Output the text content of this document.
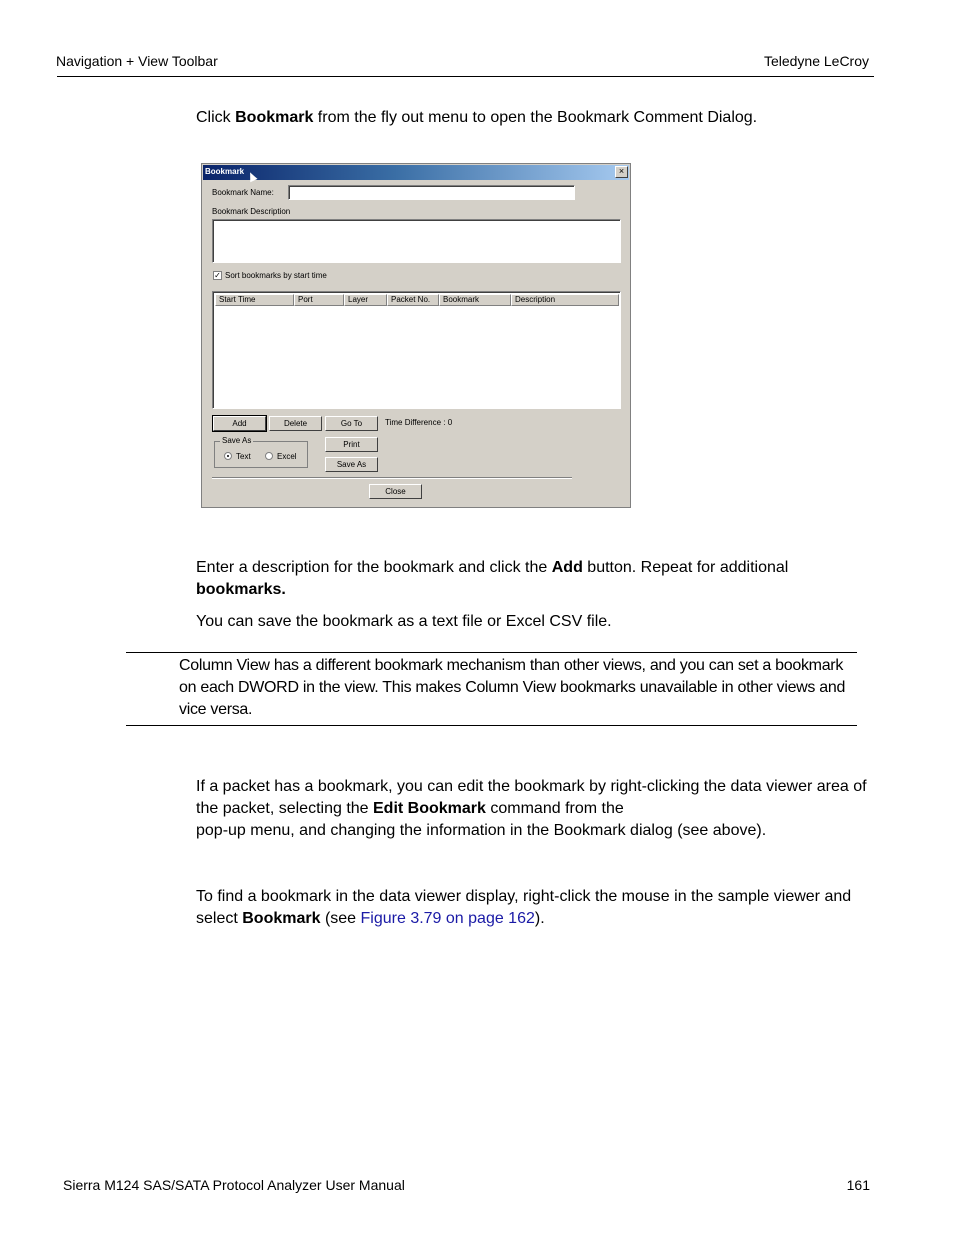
Navigation + View Toolbar	Teledyne LeCroy
Click Bookmark from the fly out menu to open the Bookmark Comment Dialog.
Bookmark	×
Bookmark Name:
Bookmark Description
✓ Sort bookmarks by start time
Start Time	Port	Layer	Packet No.	Bookmark	Description
Add	Delete	Go To	Time Difference : 0
Save As
Text	Excel
Print
Save As
Close
Enter a description for the bookmark and click the Add button. Repeat for additional bookmarks.
You can save the bookmark as a text file or Excel CSV file.
Column View has a different bookmark mechanism than other views, and you can set a bookmark on each DWORD in the view. This makes Column View bookmarks unavailable in other views and vice versa.
If a packet has a bookmark, you can edit the bookmark by right-clicking the data viewer area of the packet, selecting the Edit Bookmark command from the
pop-up menu, and changing the information in the Bookmark dialog (see above).
To find a bookmark in the data viewer display, right-click the mouse in the sample viewer and select Bookmark (see Figure 3.79 on page 162).
Sierra M124 SAS/SATA Protocol Analyzer User Manual	161
